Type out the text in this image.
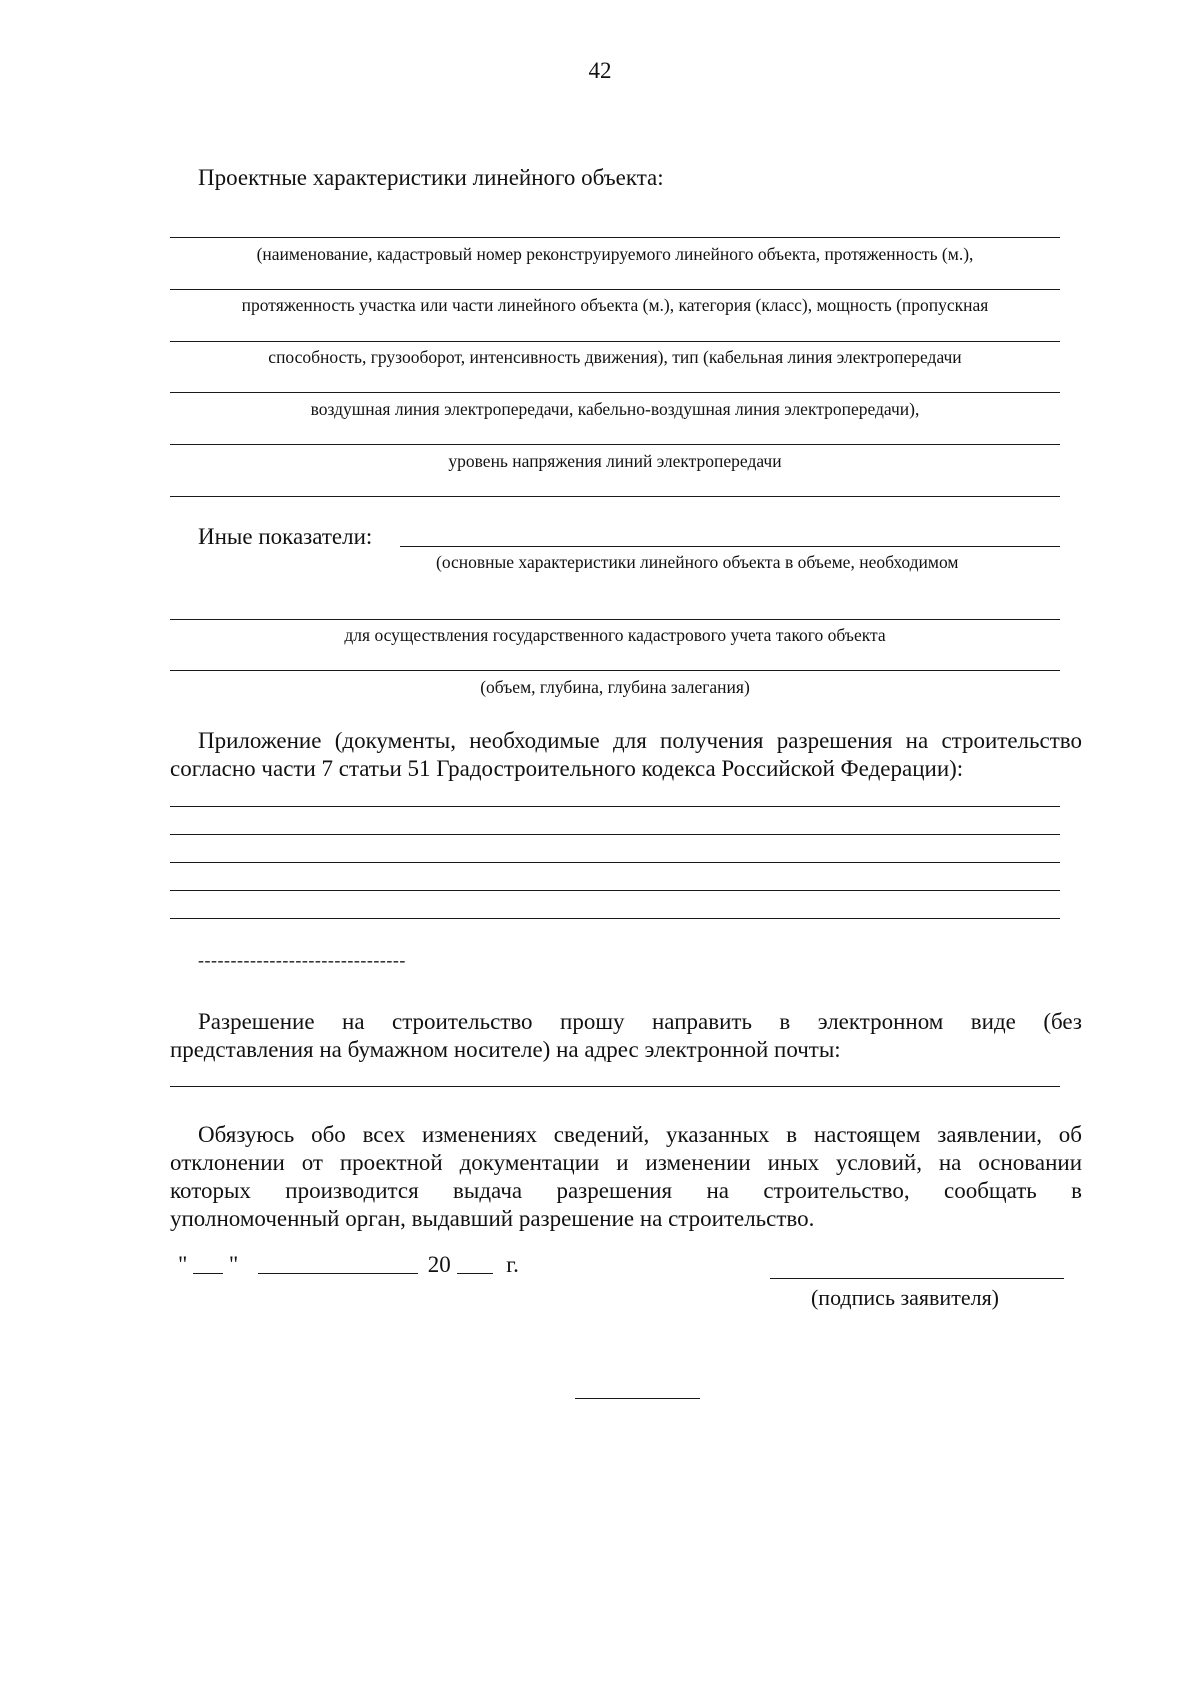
42
Проектные характеристики линейного объекта:
(наименование, кадастровый номер реконструируемого линейного объекта, протяженность (м.),
протяженность участка или части линейного объекта (м.), категория (класс), мощность (пропускная
способность, грузооборот, интенсивность движения), тип (кабельная линия электропередачи
воздушная линия электропередачи, кабельно-воздушная линия электропередачи),
уровень напряжения линий электропередачи
Иные показатели:
(основные характеристики линейного объекта в объеме, необходимом
для осуществления государственного кадастрового учета такого объекта
(объем, глубина, глубина залегания)
Приложение (документы, необходимые для получения разрешения на строительство
согласно части 7 статьи 51 Градостроительного кодекса Российской Федерации):
--------------------------------
Разрешение на строительство прошу направить в электронном виде (без
представления на бумажном носителе) на адрес электронной почты:
Обязуюсь обо всех изменениях сведений, указанных в настоящем заявлении, об
отклонении от проектной документации и изменении иных условий, на основании
которых производится выдача разрешения на строительство, сообщать в
уполномоченный орган, выдавший разрешение на строительство.
" "	20 г.
(подпись заявителя)
